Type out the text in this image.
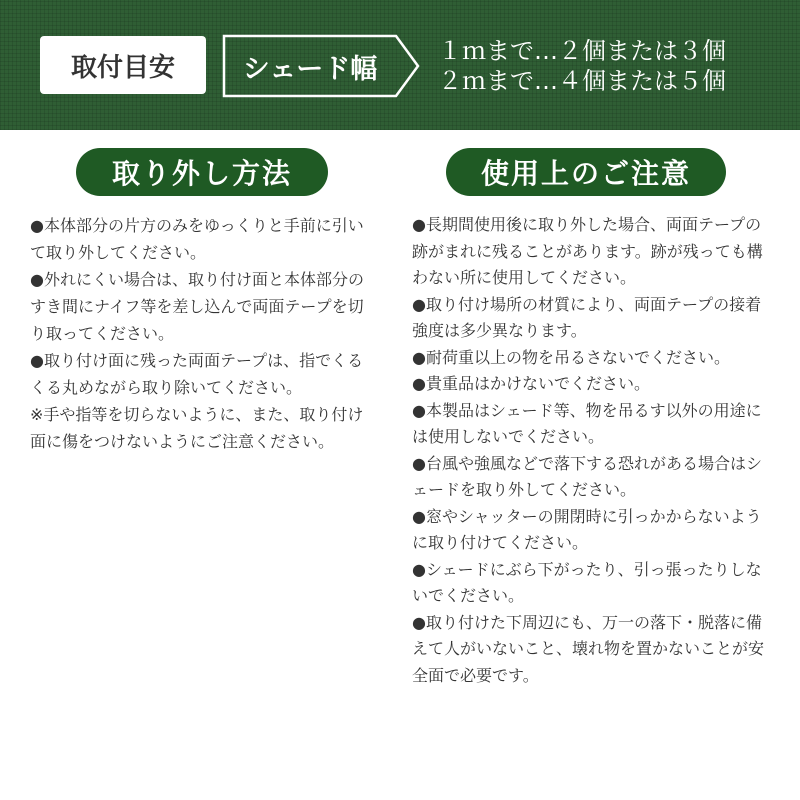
取付目安	シェード幅
１ｍまで…２個または３個
２ｍまで…４個または５個
取り外し方法
●本体部分の片方のみをゆっくりと手前に引いて取り外してください。
●外れにくい場合は、取り付け面と本体部分のすき間にナイフ等を差し込んで両面テープを切り取ってください。
●取り付け面に残った両面テープは、指でくるくる丸めながら取り除いてください。
※手や指等を切らないように、また、取り付け面に傷をつけないようにご注意ください。
使用上のご注意
●長期間使用後に取り外した場合、両面テープの跡がまれに残ることがあります。跡が残っても構わない所に使用してください。
●取り付け場所の材質により、両面テープの接着強度は多少異なります。
●耐荷重以上の物を吊るさないでください。
●貴重品はかけないでください。
●本製品はシェード等、物を吊るす以外の用途には使用しないでください。
●台風や強風などで落下する恐れがある場合はシェードを取り外してください。
●窓やシャッターの開閉時に引っかからないように取り付けてください。
●シェードにぶら下がったり、引っ張ったりしないでください。
●取り付けた下周辺にも、万一の落下・脱落に備えて人がいないこと、壊れ物を置かないことが安全面で必要です。
